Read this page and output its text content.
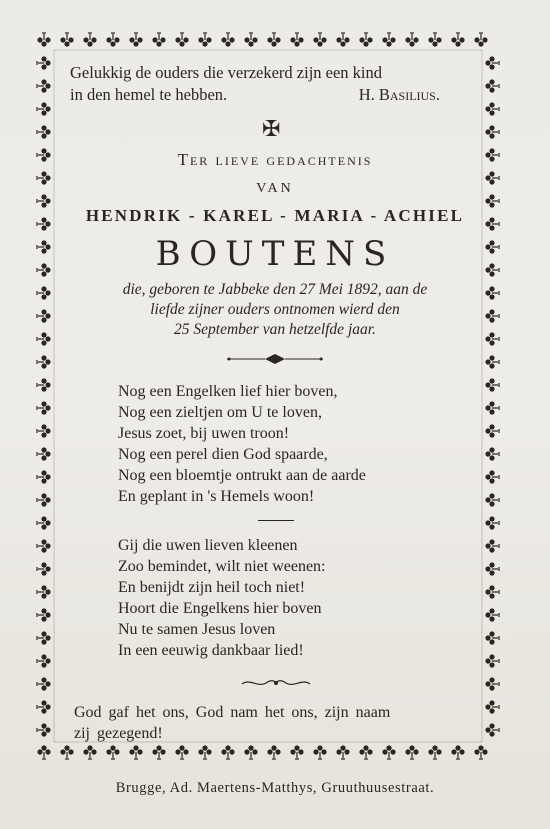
Gelukkig de ouders die verzekerd zijn een kind
in den hemel te hebben.	H. Basilius.
✠
Ter lieve gedachtenis
VAN
HENDRIK - KAREL - MARIA - ACHIEL
BOUTENS
die, geboren te Jabbeke den 27 Mei 1892, aan de
liefde zijner ouders ontnomen wierd den
25 September van hetzelfde jaar.
Nog een Engelken lief hier boven,
Nog een zieltjen om U te loven,
Jesus zoet, bij uwen troon!
Nog een perel dien God spaarde,
Nog een bloemtje ontrukt aan de aarde
En geplant in 's Hemels woon!
Gij die uwen lieven kleenen
Zoo bemindet, wilt niet weenen:
En benijdt zijn heil toch niet!
Hoort die Engelkens hier boven
Nu te samen Jesus loven
In een eeuwig dankbaar lied!
God gaf het ons, God nam het ons, zijn naam
zij gezegend!
Brugge, Ad. Maertens-Matthys, Gruuthuusestraat.
